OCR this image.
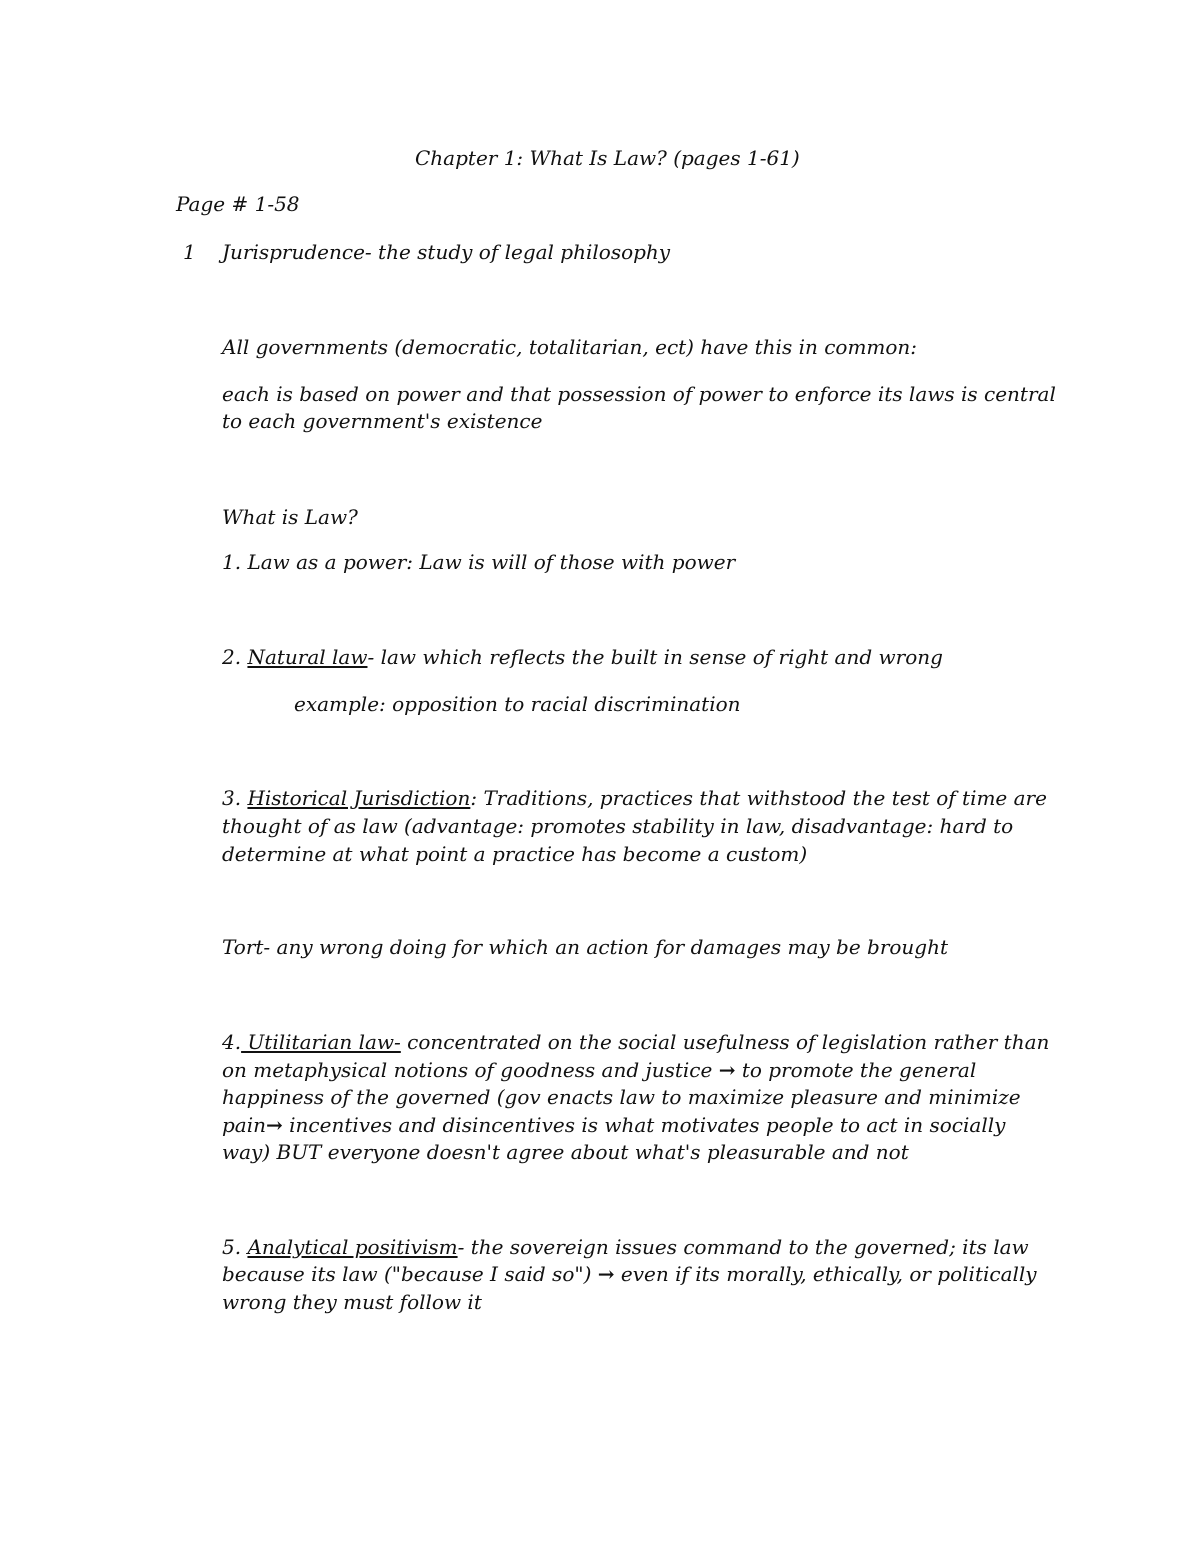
Chapter 1: What Is Law? (pages 1-61)
Page # 1-58
1 Jurisprudence- the study of legal philosophy
All governments (democratic, totalitarian, ect) have this in common:
each is based on power and that possession of power to enforce its laws is central
to each government's existence
What is Law?
1. Law as a power: Law is will of those with power
2. Natural law- law which reflects the built in sense of right and wrong
example: opposition to racial discrimination
3. Historical Jurisdiction: Traditions, practices that withstood the test of time are
thought of as law (advantage: promotes stability in law, disadvantage: hard to
determine at what point a practice has become a custom)
Tort- any wrong doing for which an action for damages may be brought
4. Utilitarian law- concentrated on the social usefulness of legislation rather than
on metaphysical notions of goodness and justice → to promote the general
happiness of the governed (gov enacts law to maximize pleasure and minimize
pain→ incentives and disincentives is what motivates people to act in socially
way) BUT everyone doesn't agree about what's pleasurable and not
5. Analytical positivism- the sovereign issues command to the governed; its law
because its law ("because I said so") → even if its morally, ethically, or politically
wrong they must follow it
